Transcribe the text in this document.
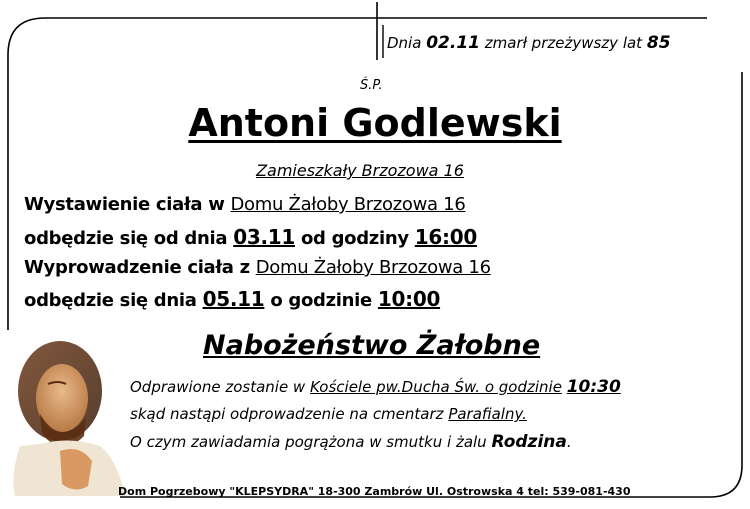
Dnia 02.11 zmarł przeżywszy lat 85
Ś.P.
Antoni Godlewski
Zamieszkały Brzozowa 16
Wystawienie ciała w Domu Żałoby Brzozowa 16
odbędzie się od dnia 03.11 od godziny 16:00
Wyprowadzenie ciała z Domu Żałoby Brzozowa 16
odbędzie się dnia 05.11 o godzinie 10:00
Nabożeństwo Żałobne
Odprawione zostanie w Kościele pw.Ducha Św. o godzinie 10:30
skąd nastąpi odprowadzenie na cmentarz Parafialny.
O czym zawiadamia pogrążona w smutku i żalu Rodzina.
Dom Pogrzebowy "KLEPSYDRA" 18-300 Zambrów Ul. Ostrowska 4 tel: 539-081-430
